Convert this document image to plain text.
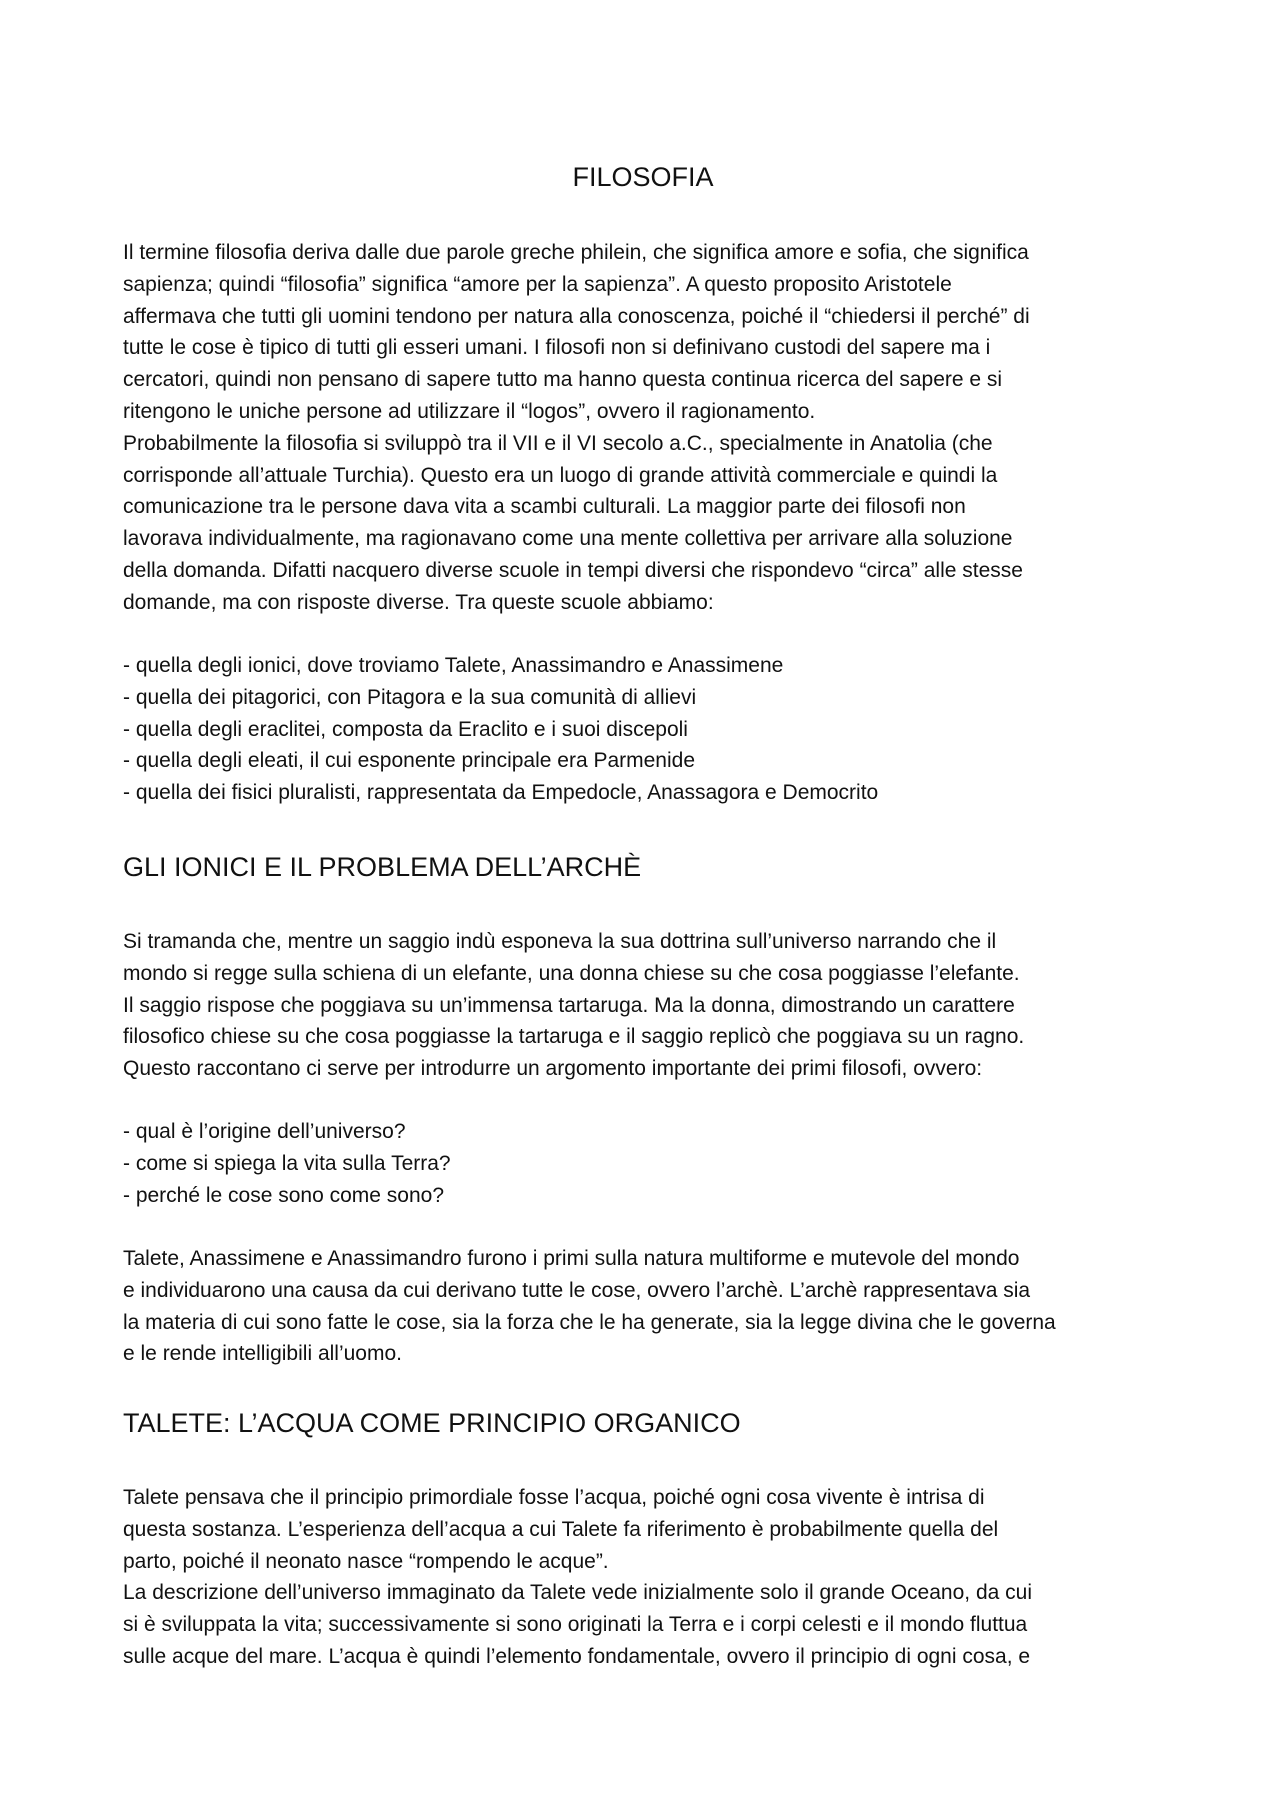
FILOSOFIA
Il termine filosofia deriva dalle due parole greche philein, che significa amore e sofia, che significa
sapienza; quindi “filosofia” significa “amore per la sapienza”. A questo proposito Aristotele
affermava che tutti gli uomini tendono per natura alla conoscenza, poiché il “chiedersi il perché” di
tutte le cose è tipico di tutti gli esseri umani. I filosofi non si definivano custodi del sapere ma i
cercatori, quindi non pensano di sapere tutto ma hanno questa continua ricerca del sapere e si
ritengono le uniche persone ad utilizzare il “logos”, ovvero il ragionamento.
Probabilmente la filosofia si sviluppò tra il VII e il VI secolo a.C., specialmente in Anatolia (che
corrisponde all’attuale Turchia). Questo era un luogo di grande attività commerciale e quindi la
comunicazione tra le persone dava vita a scambi culturali. La maggior parte dei filosofi non
lavorava individualmente, ma ragionavano come una mente collettiva per arrivare alla soluzione
della domanda. Difatti nacquero diverse scuole in tempi diversi che rispondevo “circa” alle stesse
domande, ma con risposte diverse. Tra queste scuole abbiamo:
- quella degli ionici, dove troviamo Talete, Anassimandro e Anassimene
- quella dei pitagorici, con Pitagora e la sua comunità di allievi
- quella degli eraclitei, composta da Eraclito e i suoi discepoli
- quella degli eleati, il cui esponente principale era Parmenide
- quella dei fisici pluralisti, rappresentata da Empedocle, Anassagora e Democrito
GLI IONICI E IL PROBLEMA DELL’ARCHÈ
Si tramanda che, mentre un saggio indù esponeva la sua dottrina sull’universo narrando che il
mondo si regge sulla schiena di un elefante, una donna chiese su che cosa poggiasse l’elefante.
Il saggio rispose che poggiava su un’immensa tartaruga. Ma la donna, dimostrando un carattere
filosofico chiese su che cosa poggiasse la tartaruga e il saggio replicò che poggiava su un ragno.
Questo raccontano ci serve per introdurre un argomento importante dei primi filosofi, ovvero:
- qual è l’origine dell’universo?
- come si spiega la vita sulla Terra?
- perché le cose sono come sono?
Talete, Anassimene e Anassimandro furono i primi sulla natura multiforme e mutevole del mondo
e individuarono una causa da cui derivano tutte le cose, ovvero l’archè. L’archè rappresentava sia
la materia di cui sono fatte le cose, sia la forza che le ha generate, sia la legge divina che le governa
e le rende intelligibili all’uomo.
TALETE: L’ACQUA COME PRINCIPIO ORGANICO
Talete pensava che il principio primordiale fosse l’acqua, poiché ogni cosa vivente è intrisa di
questa sostanza. L’esperienza dell’acqua a cui Talete fa riferimento è probabilmente quella del
parto, poiché il neonato nasce “rompendo le acque”.
La descrizione dell’universo immaginato da Talete vede inizialmente solo il grande Oceano, da cui
si è sviluppata la vita; successivamente si sono originati la Terra e i corpi celesti e il mondo fluttua
sulle acque del mare. L’acqua è quindi l’elemento fondamentale, ovvero il principio di ogni cosa, e
